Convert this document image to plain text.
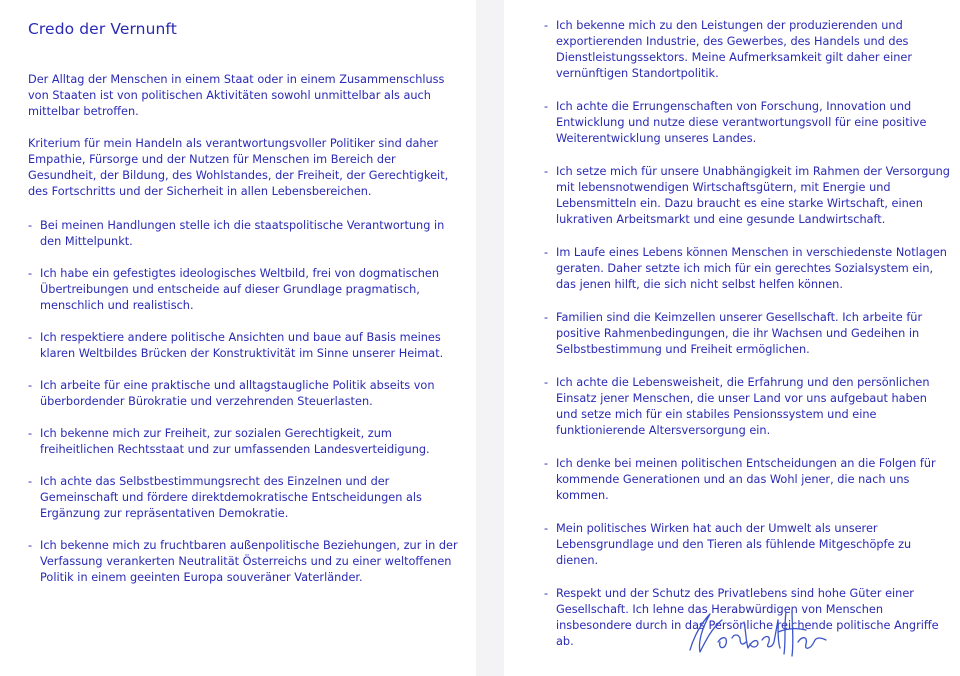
Credo der Vernunft

Der Alltag der Menschen in einem Staat oder in einem Zusammenschluss von Staaten ist von politischen Aktivitäten sowohl unmittelbar als auch mittelbar betroffen.

Kriterium für mein Handeln als verantwortungsvoller Politiker sind daher Empathie, Fürsorge und der Nutzen für Menschen im Bereich der Gesundheit, der Bildung, des Wohlstandes, der Freiheit, der Gerechtigkeit, des Fortschritts und der Sicherheit in allen Lebensbereichen.

- Bei meinen Handlungen stelle ich die staatspolitische Verantwortung in den Mittelpunkt.
- Ich habe ein gefestigtes ideologisches Weltbild, frei von dogmatischen Übertreibungen und entscheide auf dieser Grundlage pragmatisch, menschlich und realistisch.
- Ich respektiere andere politische Ansichten und baue auf Basis meines klaren Weltbildes Brücken der Konstruktivität im Sinne unserer Heimat.
- Ich arbeite für eine praktische und alltagstaugliche Politik abseits von überbordender Bürokratie und verzehrenden Steuerlasten.
- Ich bekenne mich zur Freiheit, zur sozialen Gerechtigkeit, zum freiheitlichen Rechtsstaat und zur umfassenden Landesverteidigung.
- Ich achte das Selbstbestimmungsrecht des Einzelnen und der Gemeinschaft und fördere direktdemokratische Entscheidungen als Ergänzung zur repräsentativen Demokratie.
- Ich bekenne mich zu fruchtbaren außenpolitische Beziehungen, zur in der Verfassung verankerten Neutralität Österreichs und zu einer weltoffenen Politik in einem geeinten Europa souveräner Vaterländer.
- Ich bekenne mich zu den Leistungen der produzierenden und exportierenden Industrie, des Gewerbes, des Handels und des Dienstleistungssektors. Meine Aufmerksamkeit gilt daher einer vernünftigen Standortpolitik.
- Ich achte die Errungenschaften von Forschung, Innovation und Entwicklung und nutze diese verantwortungsvoll für eine positive Weiterentwicklung unseres Landes.
- Ich setze mich für unsere Unabhängigkeit im Rahmen der Versorgung mit lebensnotwendigen Wirtschaftsgütern, mit Energie und Lebensmitteln ein. Dazu braucht es eine starke Wirtschaft, einen lukrativen Arbeitsmarkt und eine gesunde Landwirtschaft.
- Im Laufe eines Lebens können Menschen in verschiedenste Notlagen geraten. Daher setzte ich mich für ein gerechtes Sozialsystem ein, das jenen hilft, die sich nicht selbst helfen können.
- Familien sind die Keimzellen unserer Gesellschaft. Ich arbeite für positive Rahmenbedingungen, die ihr Wachsen und Gedeihen in Selbstbestimmung und Freiheit ermöglichen.
- Ich achte die Lebensweisheit, die Erfahrung und den persönlichen Einsatz jener Menschen, die unser Land vor uns aufgebaut haben und setze mich für ein stabiles Pensionssystem und eine funktionierende Altersversorgung ein.
- Ich denke bei meinen politischen Entscheidungen an die Folgen für kommende Generationen und an das Wohl jener, die nach uns kommen.
- Mein politisches Wirken hat auch der Umwelt als unserer Lebensgrundlage und den Tieren als fühlende Mitgeschöpfe zu dienen.
- Respekt und der Schutz des Privatlebens sind hohe Güter einer Gesellschaft. Ich lehne das Herabwürdigen von Menschen insbesondere durch in das Persönliche reichende politische Angriffe ab.
